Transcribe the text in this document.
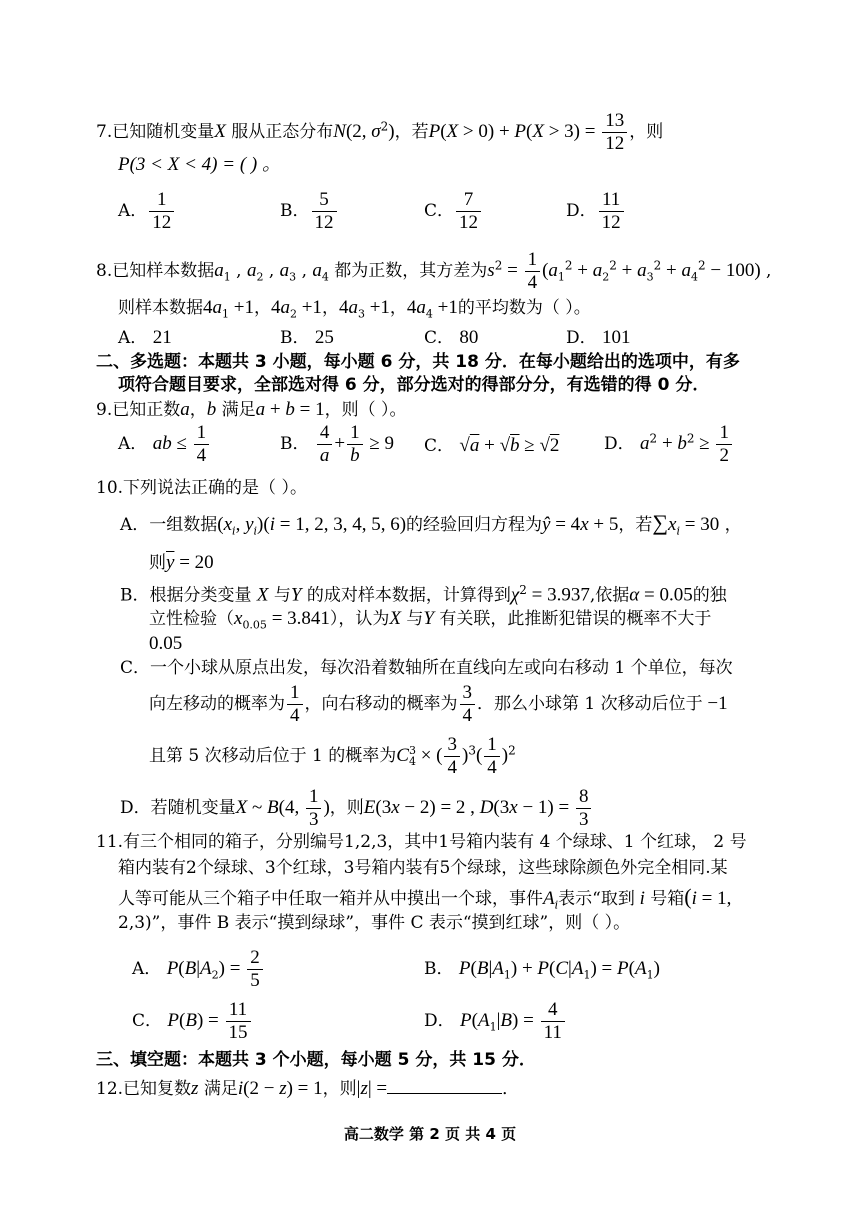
7.已知随机变量X 服从正态分布N(2, $\sigma^2$)，若$P(X > 0) + P(X > 3) = \frac{13}{12}$ ，则
P(3 < X < 4) = ( ) 。
A． $\frac{1}{12}$	B． $\frac{5}{12}$	C． $\frac{7}{12}$	D． $\frac{11}{12}$
8.已知样本数据$a_1$ , $a_2$ , $a_3$ , $a_4$ 都为正数，其方差为$s^2 = \frac{1}{4} (a_1^2 + a_2^2 + a_3^2 + a_4^2 - 100)$ ,
则样本数据$4a_1 +1$，$4a_2 +1$，$4a_3 +1$，$4a_4 +1$的平均数为（ ）。
A． 21	B． 25	C． 80	D． 101
二、多选题：本题共 3 小题，每小题 6 分，共 18 分．在每小题给出的选项中，有多
项符合题目要求，全部选对得 6 分，部分选对的得部分分，有选错的得 0 分．
9.已知正数a，b 满足a + b = 1，则（ ）。
A． ab ≤ $\frac{1}{4}$	B． $\frac{4}{a} + \frac{1}{b} \ge 9$ C． √a + √b ≥ √2	D． $a^2 + b^2 \ge \frac{1}{2}$
10.下列说法正确的是（ ）。
A．一组数据($x_i$, $y_i)(i = 1$, 2, 3, 4, 5, 6)的经验回归方程为ŷ = 4x + 5，若$\sum x_i = 30$ ，
则$\overline{y} = 20$
B．根据分类变量 X 与Y 的成对样本数据，计算得到$\chi^2 = 3.937$,依据α = 0.05的独
立性检验$(x_{0.05} = 3.841)$，认为X 与Y 有关联，此推断犯错误的概率不大于
0.05
C．一个小球从原点出发，每次沿着数轴所在直线向左或向右移动 1 个单位，每次
向左移动的概率为 $\frac{1}{4}$ ，向右移动的概率为 $\frac{3}{4}$ ．那么小球第 1 次移动后位于 −1
且第 5 次移动后位于 1 的概率为C 3
4 × ( $\frac{3}{4} )^3( \frac{1}{4} )^2$
D．若随机变量X ~ B(4, $\frac{1}{3}$ )，则E(3x − 2) = 2 , $D(3x - 1) = \frac{8}{3}$
11.有三个相同的箱子，分别编号1,2,3，其中1号箱内装有 4 个绿球、1 个红球， 2 号
箱内装有2个绿球、3个红球，3号箱内装有5个绿球，这些球除颜色外完全相同.某
人等可能从三个箱子中任取一箱并从中摸出一个球，事件$A_i$表示“取到 i 号箱(i = 1,
2,3)”，事件 B 表示“摸到绿球”，事件 C 表示“摸到红球”，则（ ）。
A． $P(B|A_2) = \frac{2}{5}$	B． $P(B|A_1) + P(C|A_1) = P(A_1)$
C． $P(B) = \frac{11}{15}$	D． $P(A_1|B) = \frac{4}{11}$
三、填空题：本题共 3 个小题，每小题 5 分，共 15 分．
12.已知复数z 满足i(2 − z) = 1，则|z| =	．
高二数学 第 2 页 共 4 页
